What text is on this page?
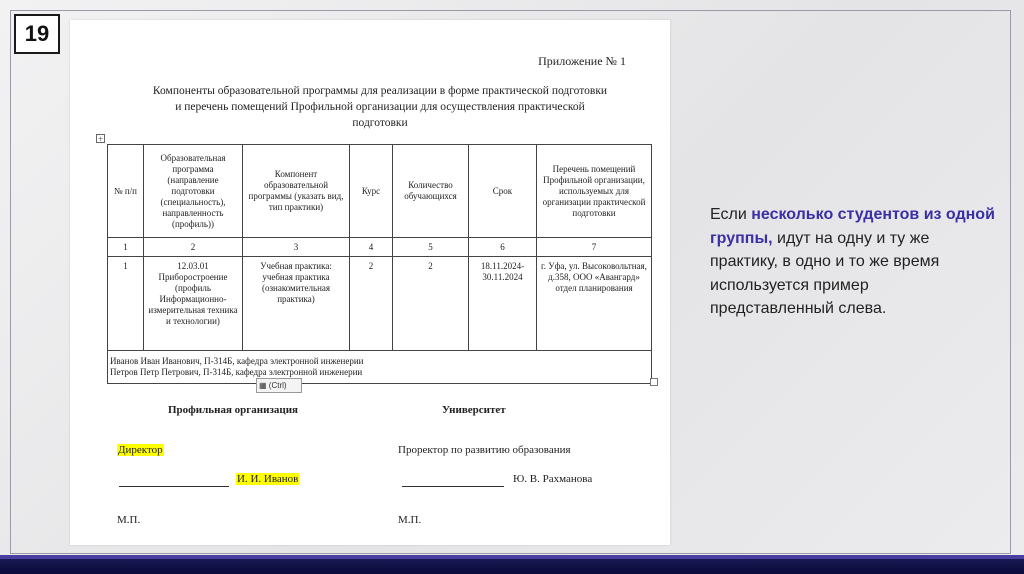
19
Приложение № 1
Компоненты образовательной программы для реализации в форме практической подготовки и перечень помещений Профильной организации для осуществления практической подготовки
+
№ п/п	Образовательная программа (направление подготовки (специальность), направленность (профиль))	Компонент образовательной программы (указать вид, тип практики)	Курс	Количество обучающихся	Срок	Перечень помещений Профильной организации, используемых для организации практической подготовки
1	2	3	4	5	6	7
1	12.03.01 Приборостроение (профиль Информационно-измерительная техника и технологии)	Учебная практика: учебная практика (ознакомительная практика)	2	2	18.11.2024-30.11.2024	г. Уфа, ул. Высоковольтная, д.358, ООО «Авангард» отдел планирования

Иванов Иван Иванович, П-314Б, кафедра электронной инженерии
Петров Петр Петрович, П-314Б, кафедра электронной инженерии						
▦ (Ctrl)
Профильная организация	Университет
Директор	Проректор по развитию образования
И. И. Иванов	Ю. В. Рахманова
М.П.	М.П.
Если несколько студентов из одной группы, идут на одну и ту же практику, в одно и то же время используется пример представленный слева.
